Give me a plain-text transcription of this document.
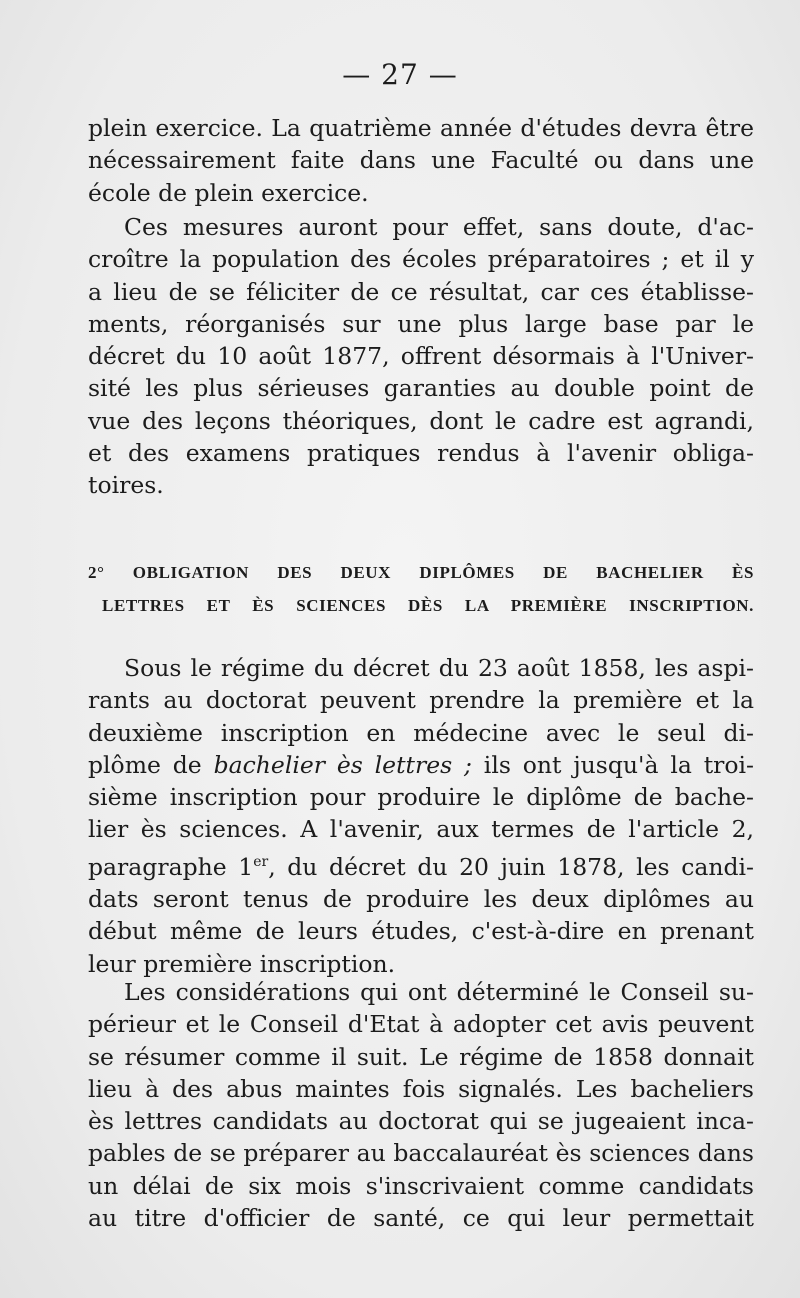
— 27 —
plein exercice. La quatrième année d'études devra être
nécessairement faite dans une Faculté ou dans une
école de plein exercice.
Ces mesures auront pour effet, sans doute, d'ac-
croître la population des écoles préparatoires ; et il y
a lieu de se féliciter de ce résultat, car ces établisse-
ments, réorganisés sur une plus large base par le
décret du 10 août 1877, offrent désormais à l'Univer-
sité les plus sérieuses garanties au double point de
vue des leçons théoriques, dont le cadre est agrandi,
et des examens pratiques rendus à l'avenir obliga-
toires.
2° OBLIGATION DES DEUX DIPLÔMES DE BACHELIER ÈS
LETTRES ET ÈS SCIENCES DÈS LA PREMIÈRE INSCRIPTION.
Sous le régime du décret du 23 août 1858, les aspi-
rants au doctorat peuvent prendre la première et la
deuxième inscription en médecine avec le seul di-
plôme de bachelier ès lettres ; ils ont jusqu'à la troi-
sième inscription pour produire le diplôme de bache-
lier ès sciences. A l'avenir, aux termes de l'article 2,
paragraphe 1er, du décret du 20 juin 1878, les candi-
dats seront tenus de produire les deux diplômes au
début même de leurs études, c'est-à-dire en prenant
leur première inscription.
Les considérations qui ont déterminé le Conseil su-
périeur et le Conseil d'Etat à adopter cet avis peuvent
se résumer comme il suit. Le régime de 1858 donnait
lieu à des abus maintes fois signalés. Les bacheliers
ès lettres candidats au doctorat qui se jugeaient inca-
pables de se préparer au baccalauréat ès sciences dans
un délai de six mois s'inscrivaient comme candidats
au titre d'officier de santé, ce qui leur permettait
